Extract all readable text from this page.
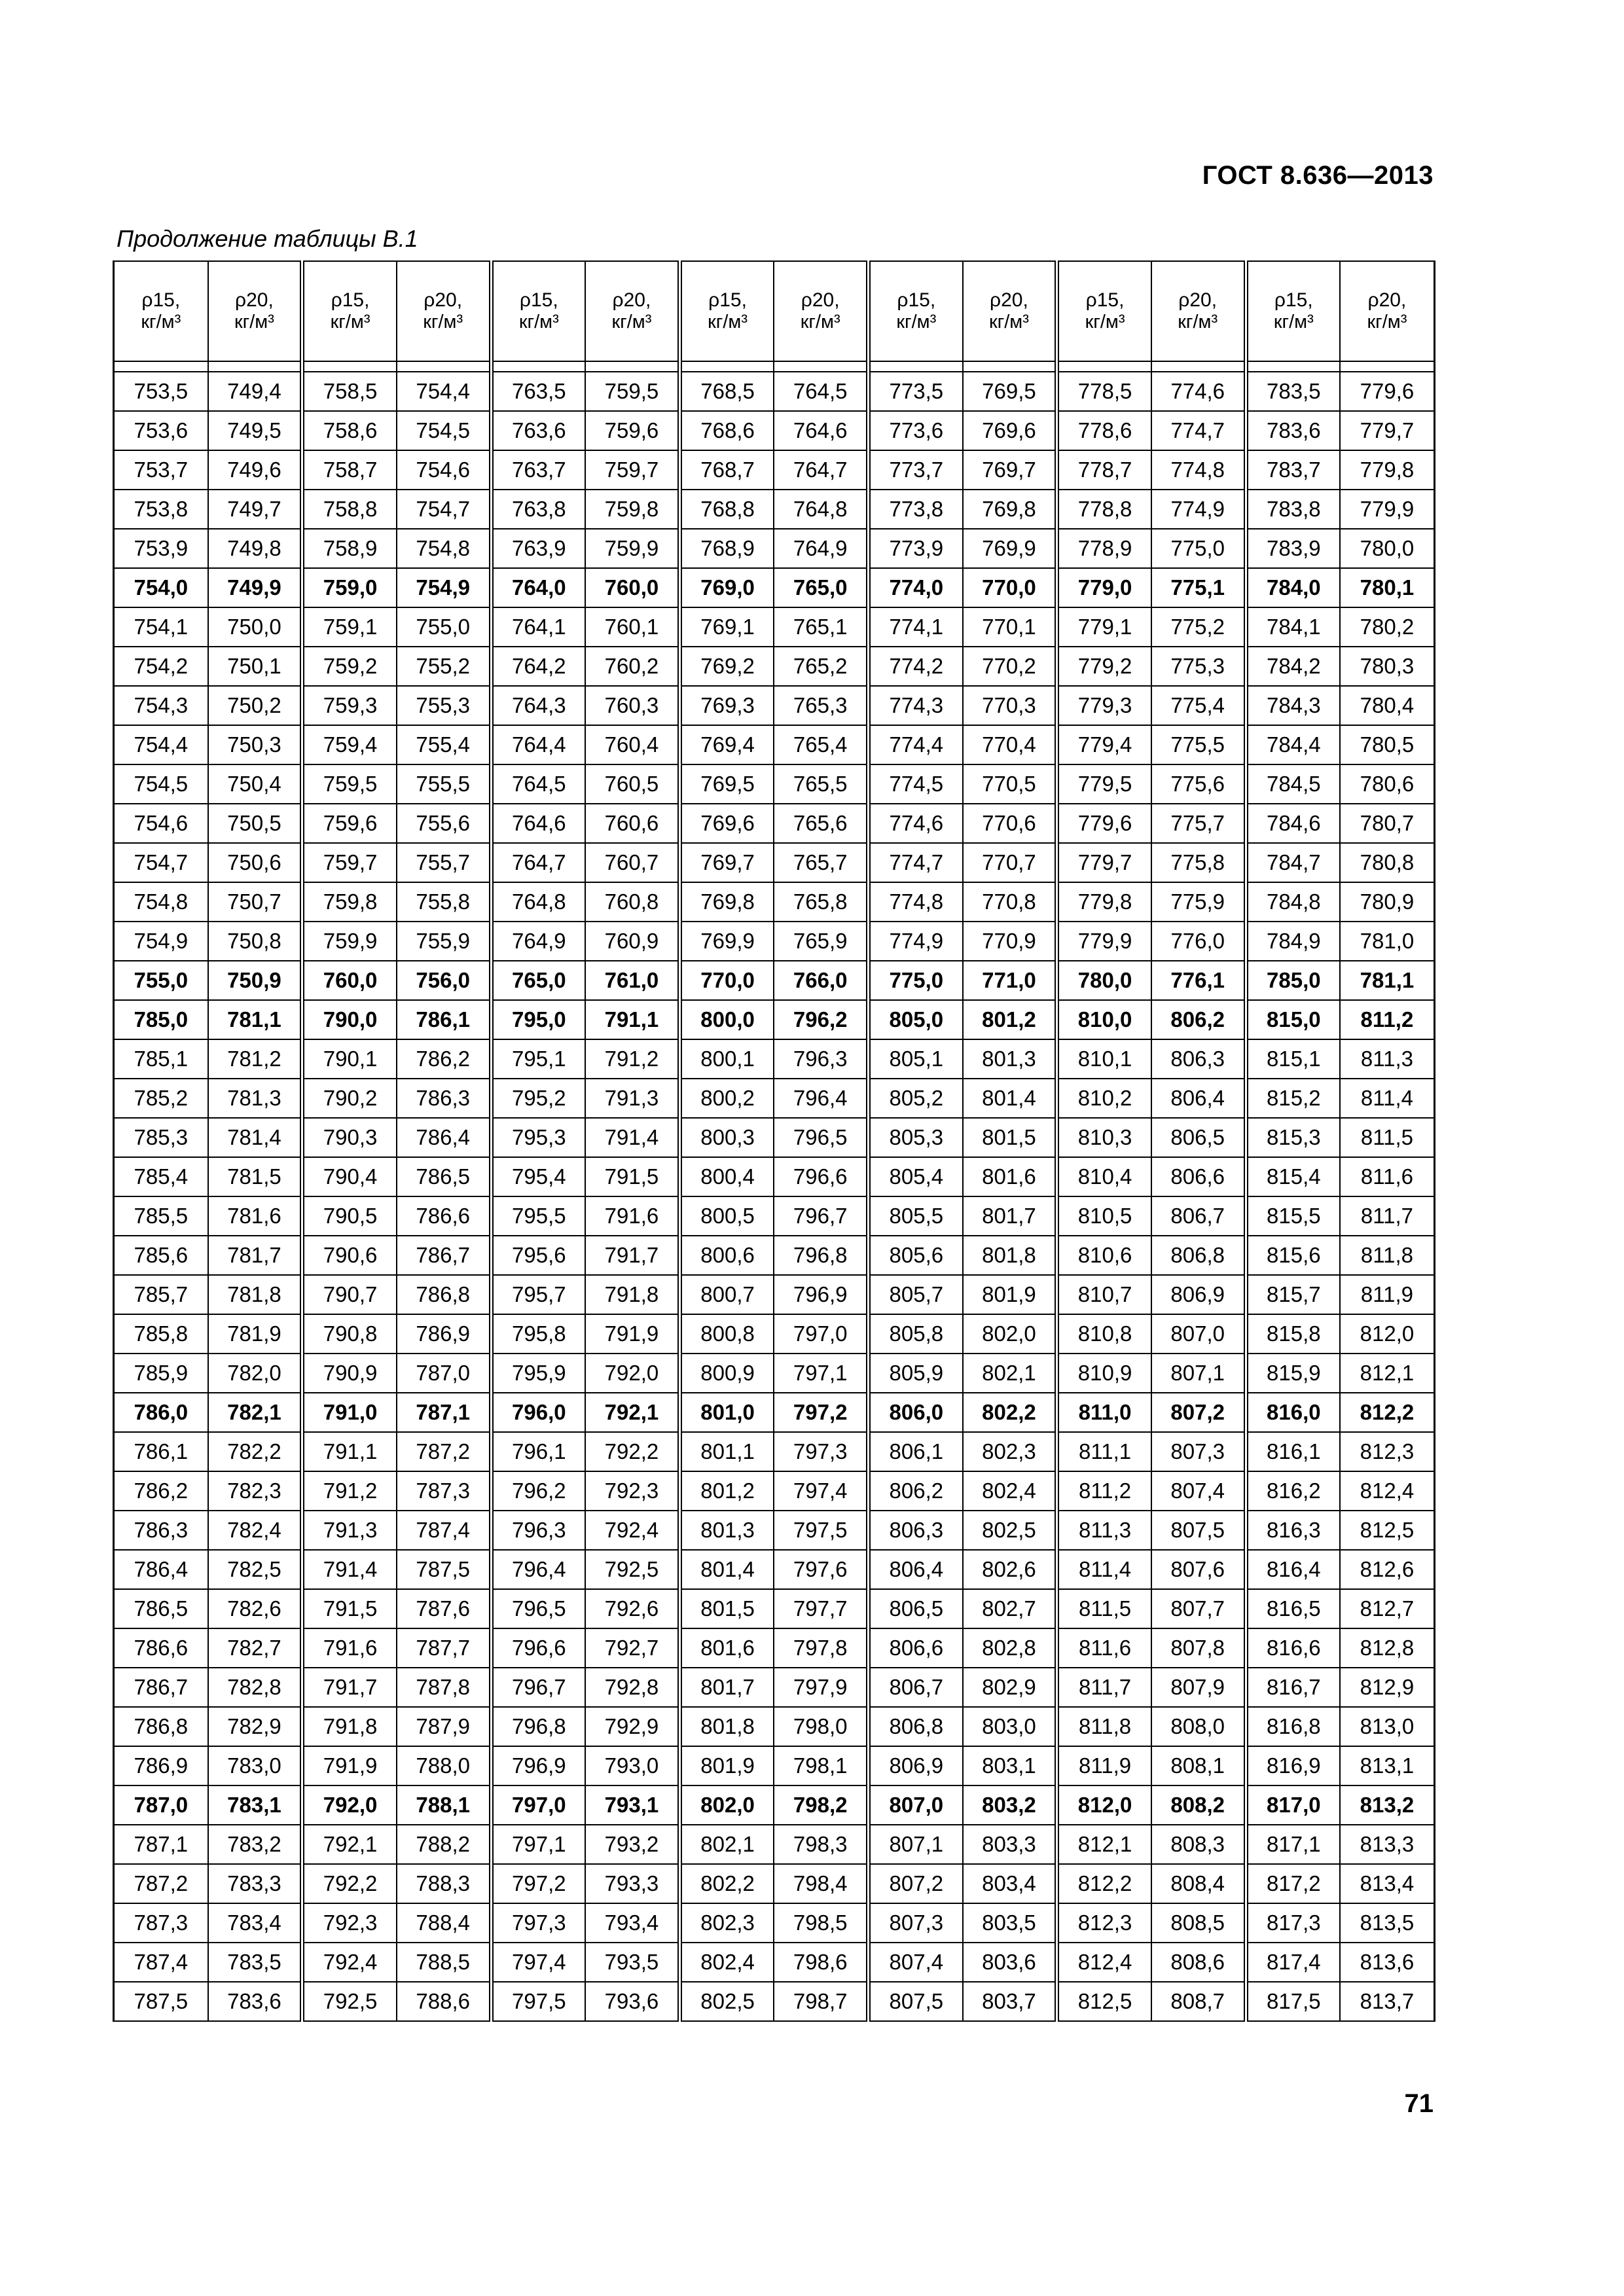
ГОСТ 8.636—2013
Продолжение таблицы В.1
ρ15,
кг/м³	ρ20,
кг/м³	ρ15,
кг/м³	ρ20,
кг/м³	ρ15,
кг/м³	ρ20,
кг/м³	ρ15,
кг/м³	ρ20,
кг/м³	ρ15,
кг/м³	ρ20,
кг/м³	ρ15,
кг/м³	ρ20,
кг/м³	ρ15,
кг/м³	ρ20,
кг/м³

753,5	749,4	758,5	754,4	763,5	759,5	768,5	764,5	773,5	769,5	778,5	774,6	783,5	779,6
753,6	749,5	758,6	754,5	763,6	759,6	768,6	764,6	773,6	769,6	778,6	774,7	783,6	779,7
753,7	749,6	758,7	754,6	763,7	759,7	768,7	764,7	773,7	769,7	778,7	774,8	783,7	779,8
753,8	749,7	758,8	754,7	763,8	759,8	768,8	764,8	773,8	769,8	778,8	774,9	783,8	779,9
753,9	749,8	758,9	754,8	763,9	759,9	768,9	764,9	773,9	769,9	778,9	775,0	783,9	780,0
754,0	749,9	759,0	754,9	764,0	760,0	769,0	765,0	774,0	770,0	779,0	775,1	784,0	780,1
754,1	750,0	759,1	755,0	764,1	760,1	769,1	765,1	774,1	770,1	779,1	775,2	784,1	780,2
754,2	750,1	759,2	755,2	764,2	760,2	769,2	765,2	774,2	770,2	779,2	775,3	784,2	780,3
754,3	750,2	759,3	755,3	764,3	760,3	769,3	765,3	774,3	770,3	779,3	775,4	784,3	780,4
754,4	750,3	759,4	755,4	764,4	760,4	769,4	765,4	774,4	770,4	779,4	775,5	784,4	780,5
754,5	750,4	759,5	755,5	764,5	760,5	769,5	765,5	774,5	770,5	779,5	775,6	784,5	780,6
754,6	750,5	759,6	755,6	764,6	760,6	769,6	765,6	774,6	770,6	779,6	775,7	784,6	780,7
754,7	750,6	759,7	755,7	764,7	760,7	769,7	765,7	774,7	770,7	779,7	775,8	784,7	780,8
754,8	750,7	759,8	755,8	764,8	760,8	769,8	765,8	774,8	770,8	779,8	775,9	784,8	780,9
754,9	750,8	759,9	755,9	764,9	760,9	769,9	765,9	774,9	770,9	779,9	776,0	784,9	781,0
755,0	750,9	760,0	756,0	765,0	761,0	770,0	766,0	775,0	771,0	780,0	776,1	785,0	781,1
785,0	781,1	790,0	786,1	795,0	791,1	800,0	796,2	805,0	801,2	810,0	806,2	815,0	811,2
785,1	781,2	790,1	786,2	795,1	791,2	800,1	796,3	805,1	801,3	810,1	806,3	815,1	811,3
785,2	781,3	790,2	786,3	795,2	791,3	800,2	796,4	805,2	801,4	810,2	806,4	815,2	811,4
785,3	781,4	790,3	786,4	795,3	791,4	800,3	796,5	805,3	801,5	810,3	806,5	815,3	811,5
785,4	781,5	790,4	786,5	795,4	791,5	800,4	796,6	805,4	801,6	810,4	806,6	815,4	811,6
785,5	781,6	790,5	786,6	795,5	791,6	800,5	796,7	805,5	801,7	810,5	806,7	815,5	811,7
785,6	781,7	790,6	786,7	795,6	791,7	800,6	796,8	805,6	801,8	810,6	806,8	815,6	811,8
785,7	781,8	790,7	786,8	795,7	791,8	800,7	796,9	805,7	801,9	810,7	806,9	815,7	811,9
785,8	781,9	790,8	786,9	795,8	791,9	800,8	797,0	805,8	802,0	810,8	807,0	815,8	812,0
785,9	782,0	790,9	787,0	795,9	792,0	800,9	797,1	805,9	802,1	810,9	807,1	815,9	812,1
786,0	782,1	791,0	787,1	796,0	792,1	801,0	797,2	806,0	802,2	811,0	807,2	816,0	812,2
786,1	782,2	791,1	787,2	796,1	792,2	801,1	797,3	806,1	802,3	811,1	807,3	816,1	812,3
786,2	782,3	791,2	787,3	796,2	792,3	801,2	797,4	806,2	802,4	811,2	807,4	816,2	812,4
786,3	782,4	791,3	787,4	796,3	792,4	801,3	797,5	806,3	802,5	811,3	807,5	816,3	812,5
786,4	782,5	791,4	787,5	796,4	792,5	801,4	797,6	806,4	802,6	811,4	807,6	816,4	812,6
786,5	782,6	791,5	787,6	796,5	792,6	801,5	797,7	806,5	802,7	811,5	807,7	816,5	812,7
786,6	782,7	791,6	787,7	796,6	792,7	801,6	797,8	806,6	802,8	811,6	807,8	816,6	812,8
786,7	782,8	791,7	787,8	796,7	792,8	801,7	797,9	806,7	802,9	811,7	807,9	816,7	812,9
786,8	782,9	791,8	787,9	796,8	792,9	801,8	798,0	806,8	803,0	811,8	808,0	816,8	813,0
786,9	783,0	791,9	788,0	796,9	793,0	801,9	798,1	806,9	803,1	811,9	808,1	816,9	813,1
787,0	783,1	792,0	788,1	797,0	793,1	802,0	798,2	807,0	803,2	812,0	808,2	817,0	813,2
787,1	783,2	792,1	788,2	797,1	793,2	802,1	798,3	807,1	803,3	812,1	808,3	817,1	813,3
787,2	783,3	792,2	788,3	797,2	793,3	802,2	798,4	807,2	803,4	812,2	808,4	817,2	813,4
787,3	783,4	792,3	788,4	797,3	793,4	802,3	798,5	807,3	803,5	812,3	808,5	817,3	813,5
787,4	783,5	792,4	788,5	797,4	793,5	802,4	798,6	807,4	803,6	812,4	808,6	817,4	813,6
787,5	783,6	792,5	788,6	797,5	793,6	802,5	798,7	807,5	803,7	812,5	808,7	817,5	813,7
71
